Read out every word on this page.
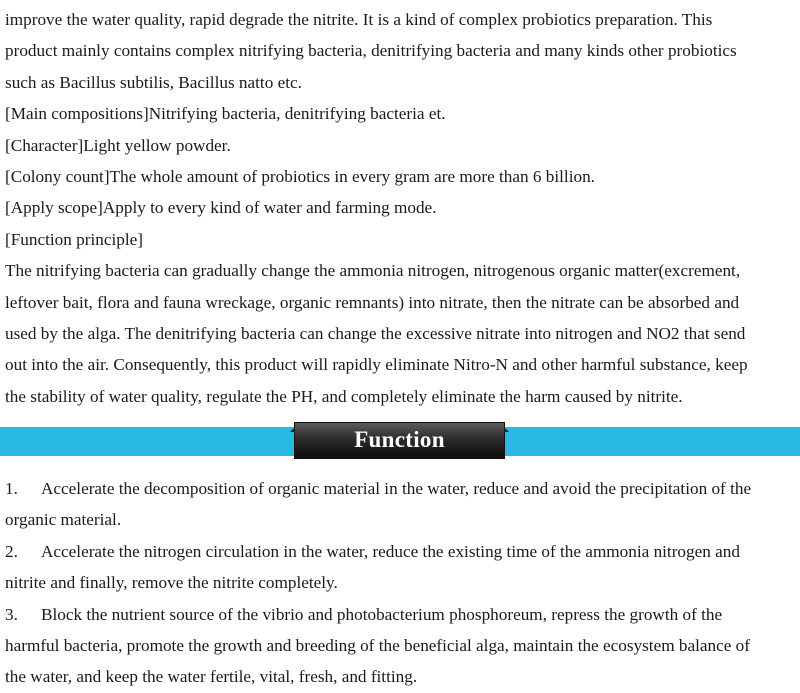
improve the water quality, rapid degrade the nitrite. It is a kind of complex probiotics preparation. This

product mainly contains complex nitrifying bacteria, denitrifying bacteria and many kinds other probiotics

such as Bacillus subtilis, Bacillus natto etc.

[Main compositions]Nitrifying bacteria, denitrifying bacteria et.

[Character]Light yellow powder.

[Colony count]The whole amount of probiotics in every gram are more than 6 billion.

[Apply scope]Apply to every kind of water and farming mode.

[Function principle]

The nitrifying bacteria can gradually change the ammonia nitrogen, nitrogenous organic matter(excrement,

leftover bait, flora and fauna wreckage, organic remnants) into nitrate, then the nitrate can be absorbed and

used by the alga. The denitrifying bacteria can change the excessive nitrate into nitrogen and NO2 that send

out into the air. Consequently, this product will rapidly eliminate Nitro-N and other harmful substance, keep

the stability of water quality, regulate the PH, and completely eliminate the harm caused by nitrite.

Function

1. Accelerate the decomposition of organic material in the water, reduce and avoid the precipitation of the

organic material.

2. Accelerate the nitrogen circulation in the water, reduce the existing time of the ammonia nitrogen and

nitrite and finally, remove the nitrite completely.

3. Block the nutrient source of the vibrio and photobacterium phosphoreum, repress the growth of the

harmful bacteria, promote the growth and breeding of the beneficial alga, maintain the ecosystem balance of

the water, and keep the water fertile, vital, fresh, and fitting.
